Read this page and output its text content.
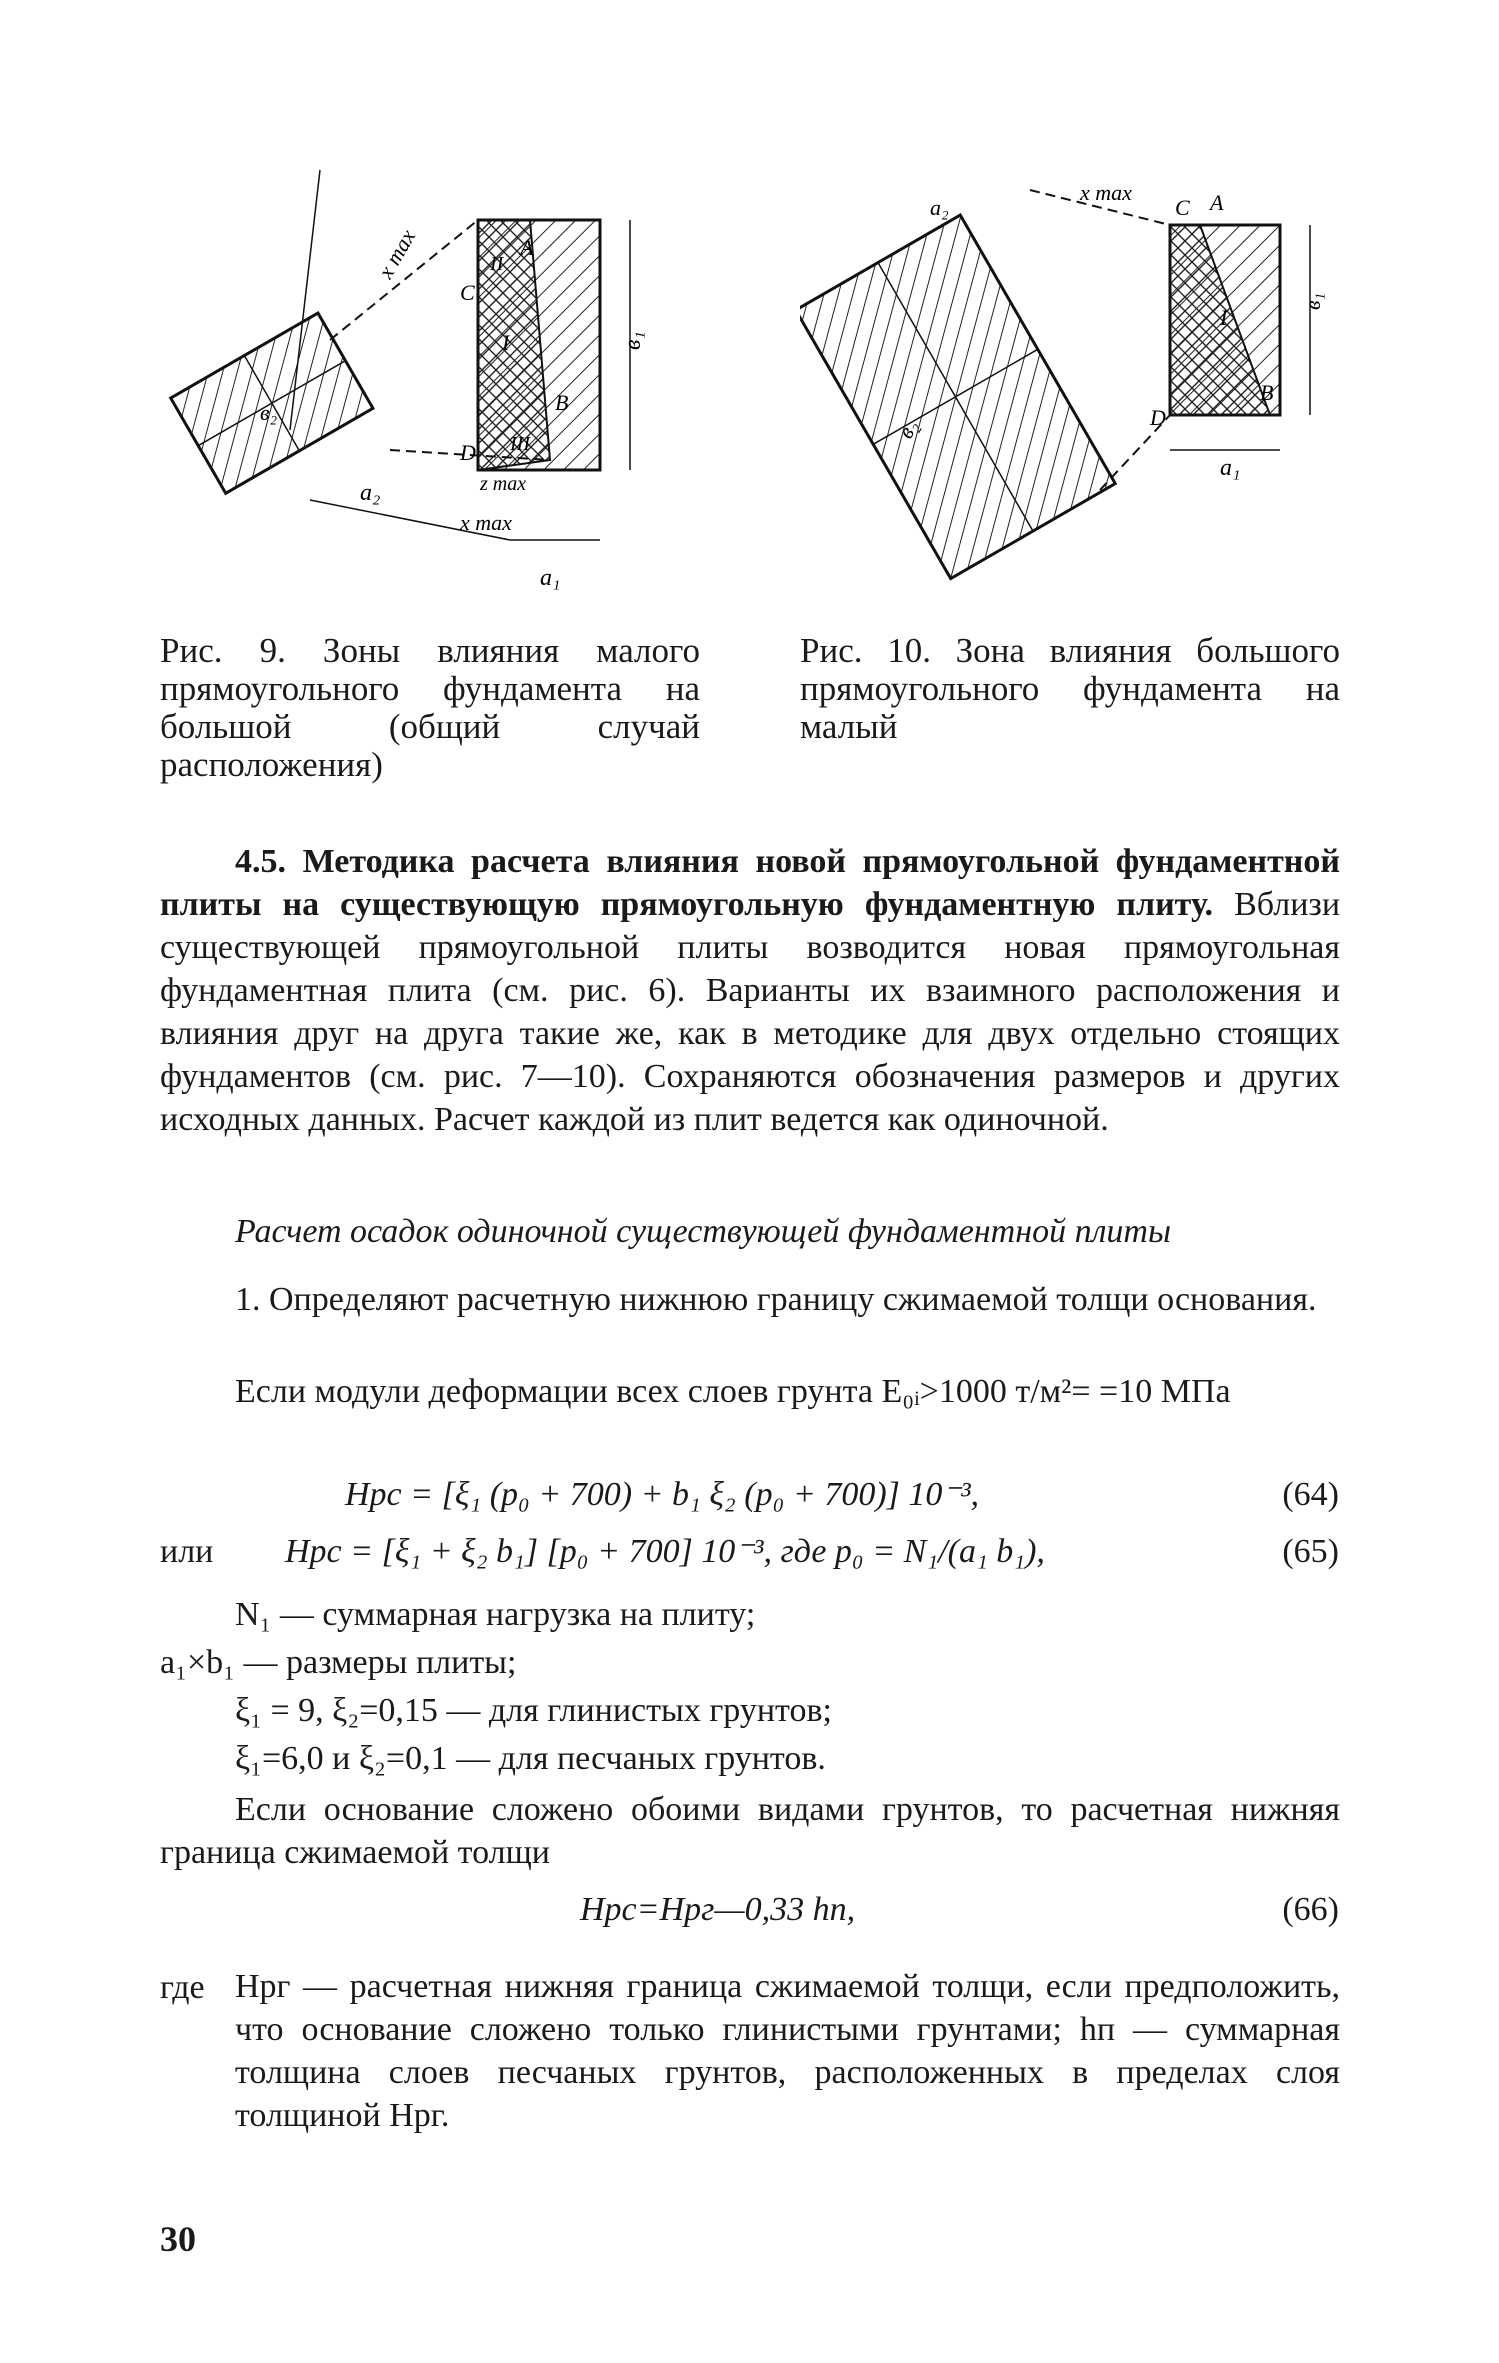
x max
x max
z max
a₂
a₁
в₁
в₂
C
A
B
D
I
II
III
Рис. 9. Зоны влияния малого прямоугольного фундамента на большой (общий случай расположения)
a₂
x max
C A
B
D
I
в₁
в₂
a₁
Рис. 10. Зона влияния большого прямоугольного фундамента на малый
4.5. Методика расчета влияния новой прямоугольной фундаментной плиты на существующую прямоугольную фундаментную плиту. Вблизи существующей прямоугольной плиты возводится новая прямоугольная фундаментная плита (см. рис. 6). Варианты их взаимного расположения и влияния друг на друга такие же, как в методике для двух отдельно стоящих фундаментов (см. рис. 7—10). Сохраняются обозначения размеров и других исходных данных. Расчет каждой из плит ведется как одиночной.
Расчет осадок одиночной существующей фундаментной плиты
1. Определяют расчетную нижнюю границу сжимаемой толщи основания.
Если модули деформации всех слоев грунта E₀ᵢ>1000 т/м²= =10 МПа
Hрс = [ξ₁ (p₀ + 700) + b₁ ξ₂ (p₀ + 700)] 10⁻³,	(64)
или Hрс = [ξ₁ + ξ₂ b₁] [p₀ + 700] 10⁻³, где p₀ = N₁/(a₁ b₁),	(65)
N₁ — суммарная нагрузка на плиту;
a₁×b₁ — размеры плиты;
ξ₁ = 9, ξ₂=0,15 — для глинистых грунтов;
ξ₁=6,0 и ξ₂=0,1 — для песчаных грунтов.
Если основание сложено обоими видами грунтов, то расчетная нижняя граница сжимаемой толщи
Hрс=Hрг—0,33 hп,	(66)
где Hрг — расчетная нижняя граница сжимаемой толщи, если предположить, что основание сложено только глинистыми грунтами; hп — суммарная толщина слоев песчаных грунтов, расположенных в пределах слоя толщиной Hрг.
30
